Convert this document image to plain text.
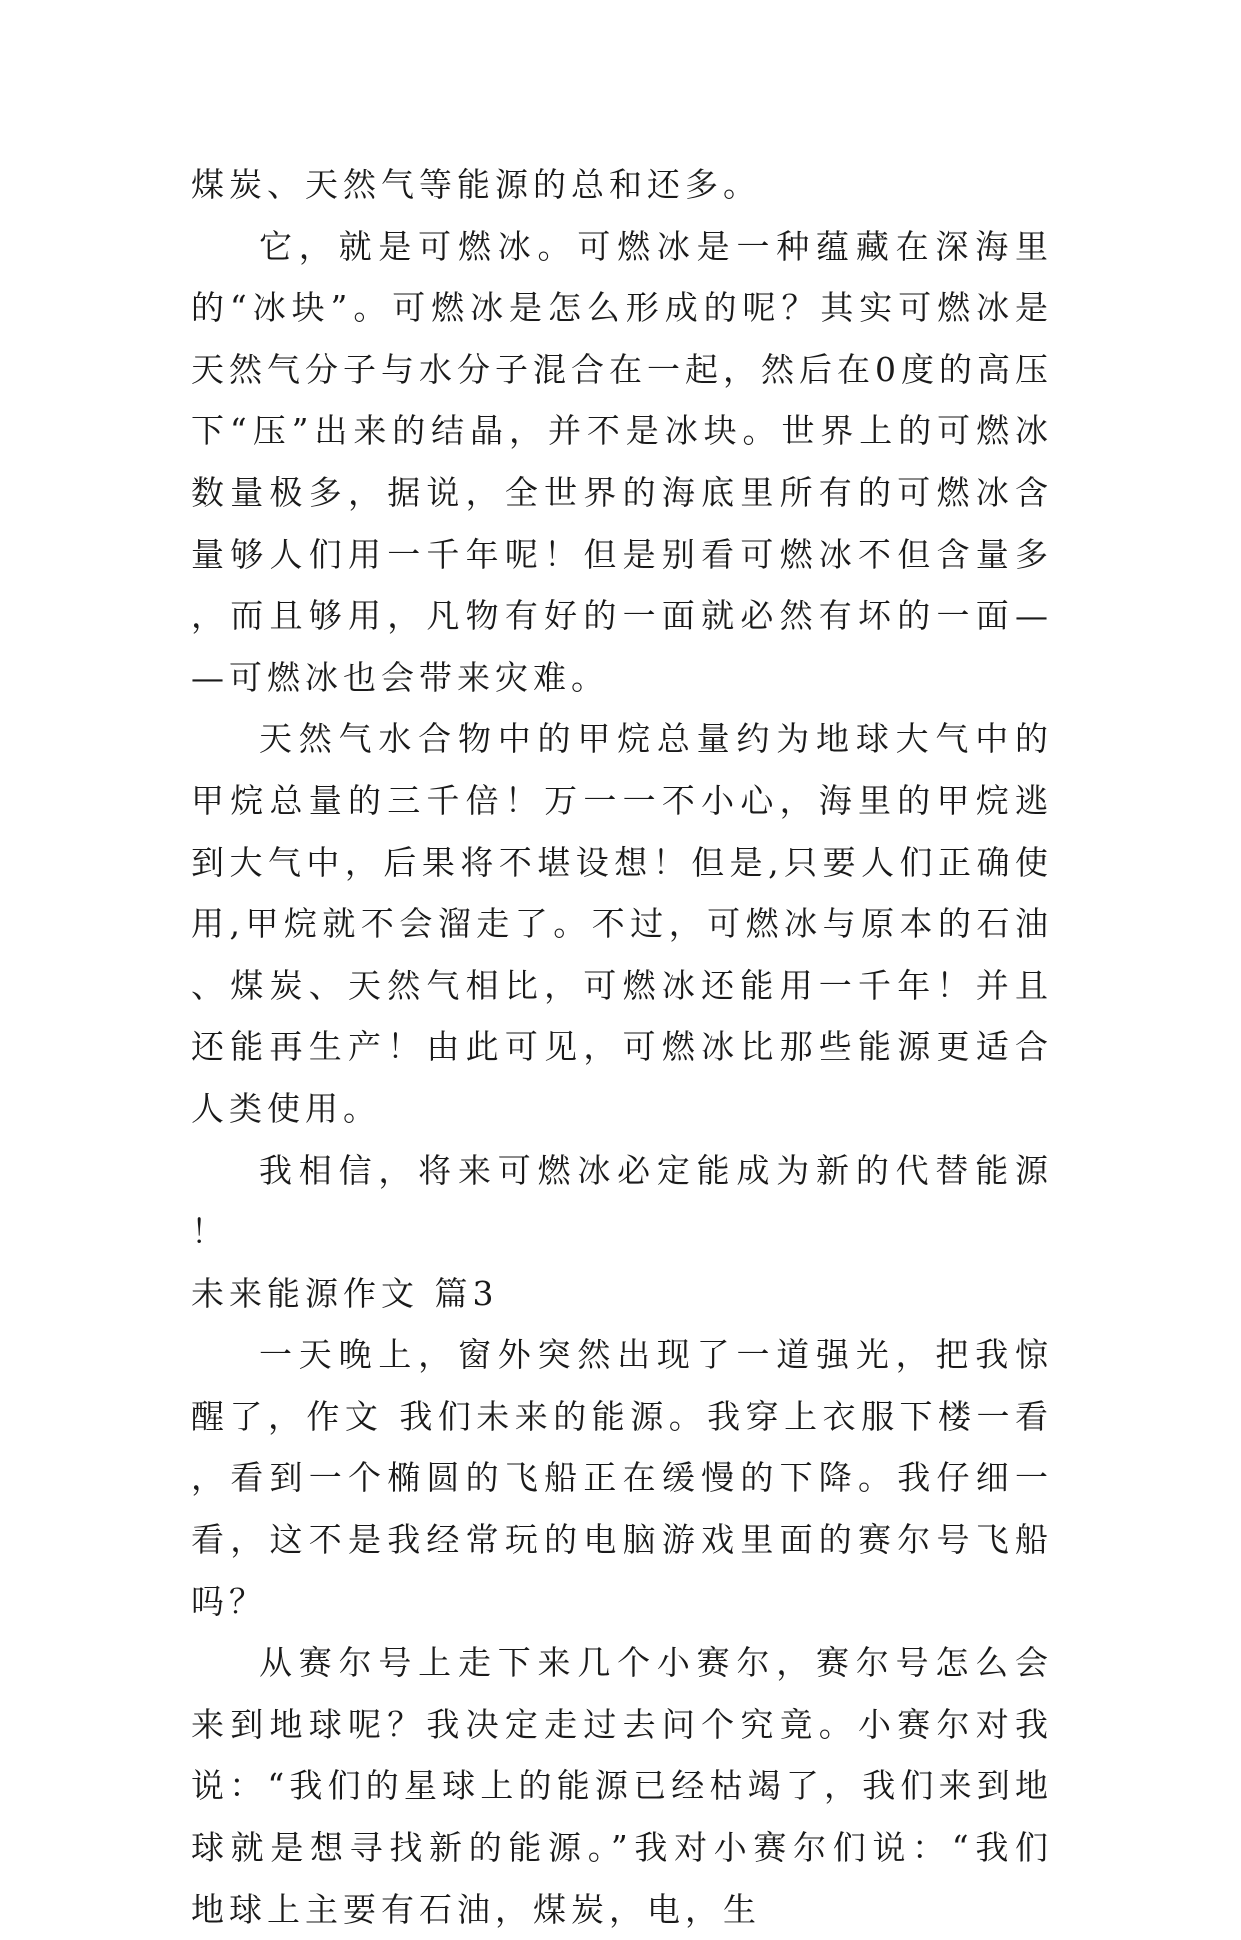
煤炭、天然气等能源的总和还多。

它，就是可燃冰。可燃冰是一种蕴藏在深海里的“冰块”。可燃冰是怎么形成的呢？其实可燃冰是天然气分子与水分子混合在一起，然后在0度的高压下“压”出来的结晶，并不是冰块。世界上的可燃冰数量极多，据说，全世界的海底里所有的可燃冰含量够人们用一千年呢！但是别看可燃冰不但含量多，而且够用，凡物有好的一面就必然有坏的一面——可燃冰也会带来灾难。

天然气水合物中的甲烷总量约为地球大气中的甲烷总量的三千倍！万一一不小心，海里的甲烷逃到大气中，后果将不堪设想！但是,只要人们正确使用,甲烷就不会溜走了。不过，可燃冰与原本的石油、煤炭、天然气相比，可燃冰还能用一千年！并且还能再生产！由此可见，可燃冰比那些能源更适合人类使用。

我相信，将来可燃冰必定能成为新的代替能源！

未来能源作文 篇3

一天晚上，窗外突然出现了一道强光，把我惊醒了，作文 我们未来的能源。我穿上衣服下楼一看，看到一个椭圆的飞船正在缓慢的下降。我仔细一看，这不是我经常玩的电脑游戏里面的赛尔号飞船吗？

从赛尔号上走下来几个小赛尔，赛尔号怎么会来到地球呢？我决定走过去问个究竟。小赛尔对我说：“我们的星球上的能源已经枯竭了，我们来到地球就是想寻找新的能源。”我对小赛尔们说：“我们地球上主要有石油，煤炭，电，生
